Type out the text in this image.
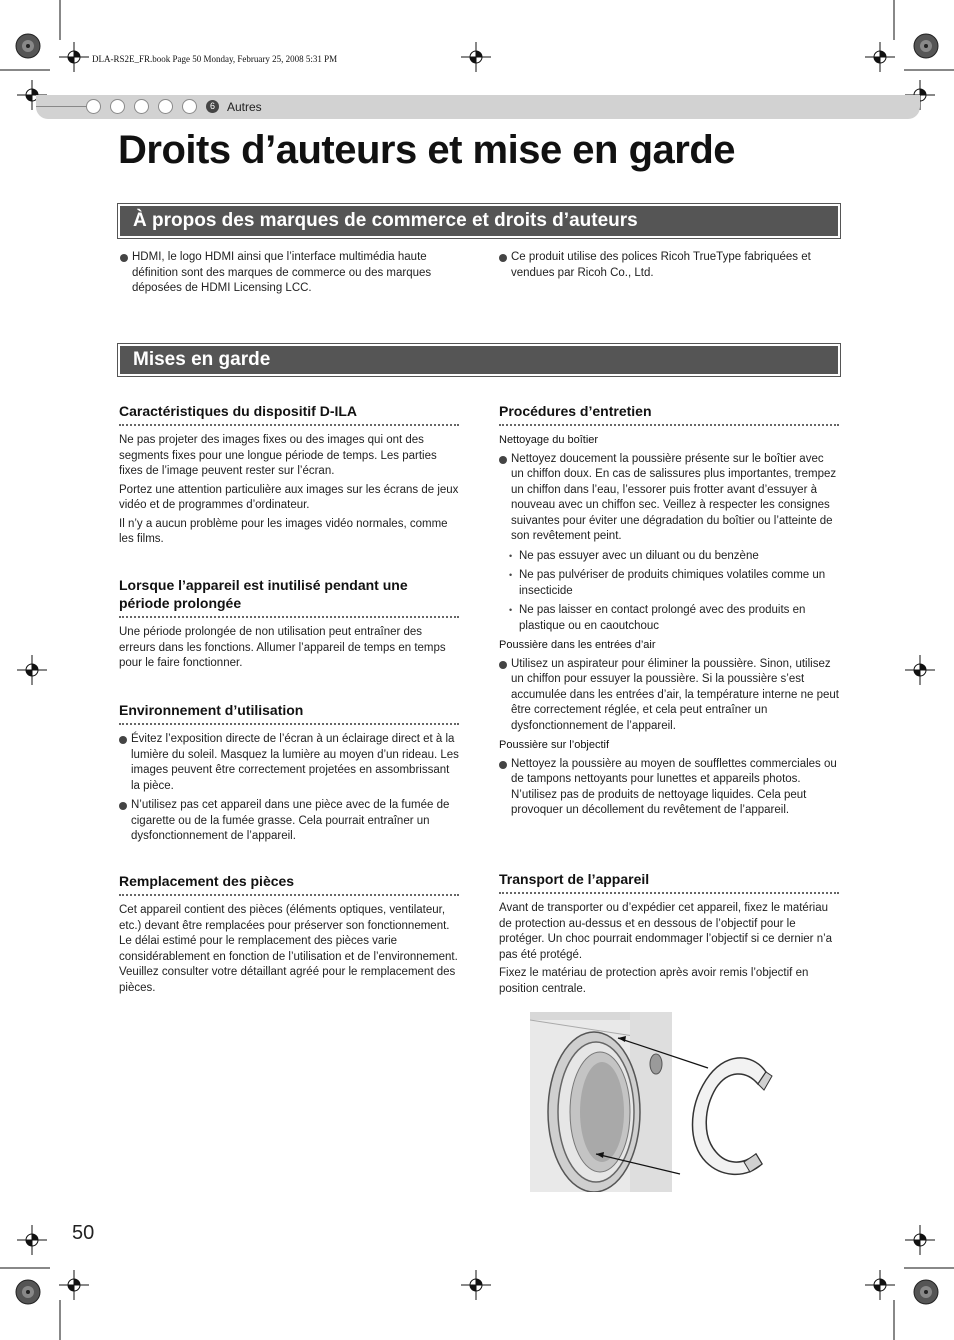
DLA-RS2E_FR.book Page 50 Monday, February 25, 2008 5:31 PM
6	Autres
Droits d’auteurs et mise en garde
À propos des marques de commerce et droits d’auteurs
HDMI, le logo HDMI ainsi que l’interface multimédia haute définition sont des marques de commerce ou des marques déposées de HDMI Licensing LCC.
Ce produit utilise des polices Ricoh TrueType fabriquées et vendues par Ricoh Co., Ltd.
Mises en garde
Caractéristiques du dispositif D-ILA

Ne pas projeter des images fixes ou des images qui ont des segments fixes pour une longue période de temps. Les parties fixes de l’image peuvent rester sur l’écran.

Portez une attention particulière aux images sur les écrans de jeux vidéo et de programmes d’ordinateur.

Il n’y a aucun problème pour les images vidéo normales, comme les films.

Lorsque l’appareil est inutilisé pendant une période prolongée

Une période prolongée de non utilisation peut entraîner des erreurs dans les fonctions. Allumer l’appareil de temps en temps pour le faire fonctionner.

Environnement d’utilisation
Évitez l’exposition directe de l’écran à un éclairage direct et à la lumière du soleil. Masquez la lumière au moyen d’un rideau. Les images peuvent être correctement projetées en assombrissant la pièce.
N’utilisez pas cet appareil dans une pièce avec de la fumée de cigarette ou de la fumée grasse. Cela pourrait entraîner un dysfonctionnement de l’appareil.
Remplacement des pièces

Cet appareil contient des pièces (éléments optiques, ventilateur, etc.) devant être remplacées pour préserver son fonctionnement. Le délai estimé pour le remplacement des pièces varie considérablement en fonction de l’utilisation et de l’environnement. Veuillez consulter votre détaillant agréé pour le remplacement des pièces.

Procédures d’entretien
Nettoyage du boîtier
Nettoyez doucement la poussière présente sur le boîtier avec un chiffon doux. En cas de salissures plus importantes, trempez un chiffon dans l’eau, l’essorer puis frotter avant d’essuyer à nouveau avec un chiffon sec. Veillez à respecter les consignes suivantes pour éviter une dégradation du boîtier ou l’atteinte de son revêtement peint.
• Ne pas essuyer avec un diluant ou du benzène
• Ne pas pulvériser de produits chimiques volatiles comme un insecticide
• Ne pas laisser en contact prolongé avec des produits en plastique ou en caoutchouc
Poussière dans les entrées d’air
Utilisez un aspirateur pour éliminer la poussière. Sinon, utilisez un chiffon pour essuyer la poussière. Si la poussière s’est accumulée dans les entrées d’air, la température interne ne peut être correctement réglée, et cela peut entraîner un dysfonctionnement de l’appareil.
Poussière sur l’objectif
Nettoyez la poussière au moyen de soufflettes commerciales ou de tampons nettoyants pour lunettes et appareils photos.

N’utilisez pas de produits de nettoyage liquides. Cela peut provoquer un décollement du revêtement de l’appareil.

Transport de l’appareil

Avant de transporter ou d’expédier cet appareil, fixez le matériau de protection au-dessus et en dessous de l’objectif pour le protéger. Un choc pourrait endommager l’objectif si ce dernier n’a pas été protégé.

Fixez le matériau de protection après avoir remis l’objectif en position centrale.

50
